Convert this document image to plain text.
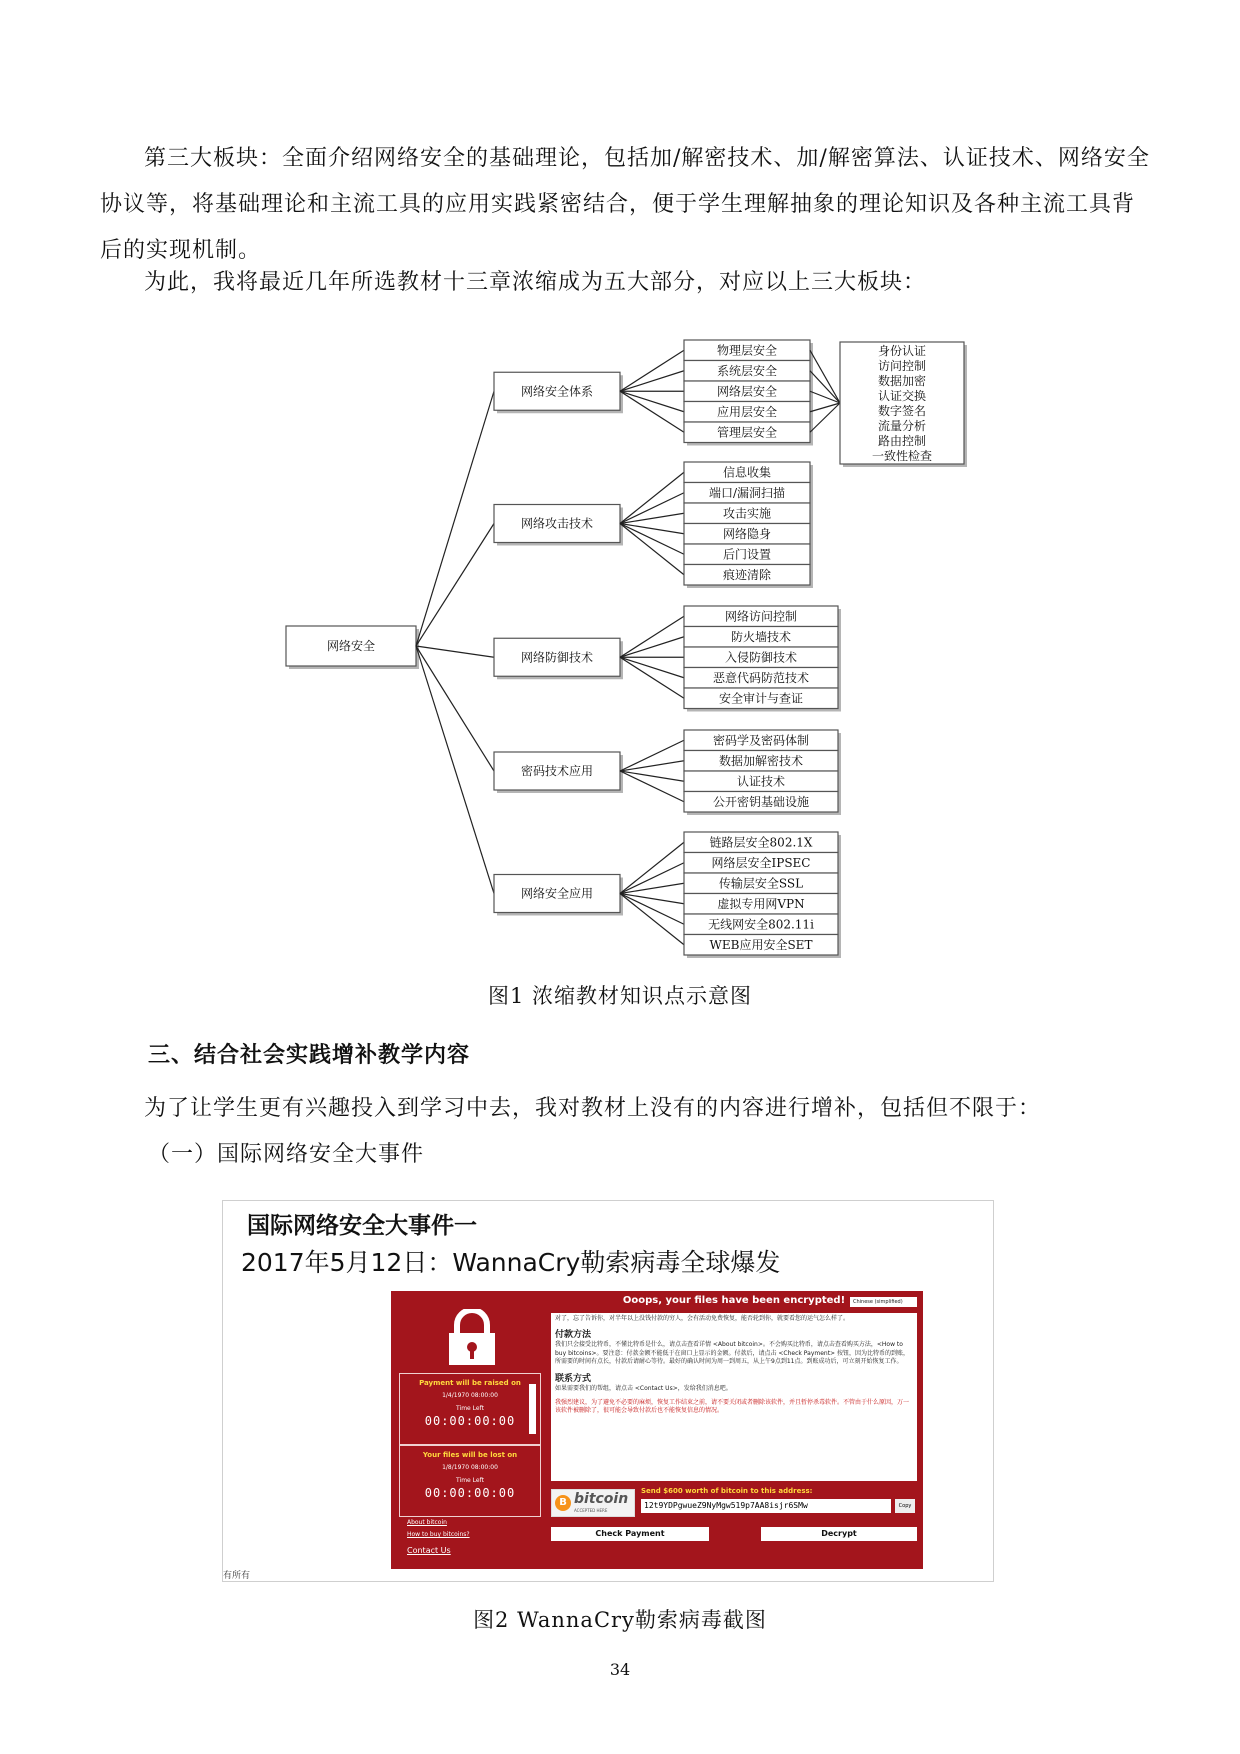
第三大板块：全面介绍网络安全的基础理论，包括加/解密技术、加/解密算法、认证技术、网络安全协议等，将基础理论和主流工具的应用实践紧密结合，便于学生理解抽象的理论知识及各种主流工具背后的实现机制。

为此，我将最近几年所选教材十三章浓缩成为五大部分，对应以上三大板块：

网络安全
网络安全体系
物理层安全
系统层安全
网络层安全
应用层安全
管理层安全
身份认证
访问控制
数据加密
认证交换
数字签名
流量分析
路由控制
一致性检查
网络攻击技术
信息收集
端口/漏洞扫描
攻击实施
网络隐身
后门设置
痕迹清除
网络防御技术
网络访问控制
防火墙技术
入侵防御技术
恶意代码防范技术
安全审计与查证
密码技术应用
密码学及密码体制
数据加解密技术
认证技术
公开密钥基础设施
网络安全应用
链路层安全802.1X
网络层安全IPSEC
传输层安全SSL
虚拟专用网VPN
无线网安全802.11i
WEB应用安全SET
图1 浓缩教材知识点示意图
三、结合社会实践增补教学内容

为了让学生更有兴趣投入到学习中去，我对教材上没有的内容进行增补，包括但不限于：

（一）国际网络安全大事件

国际网络安全大事件一
2017年5月12日：WannaCry勒索病毒全球爆发
Payment will be raised on
1/4/1970 08:00:00
Time Left
00:00:00:00
Your files will be lost on
1/8/1970 08:00:00
Time Left
00:00:00:00
About bitcoin
How to buy bitcoins?
Contact Us
Ooops, your files have been encrypted!	Chinese (simplified)
对了，忘了告诉你，对半年以上没钱付款的穷人，会有活动免费恢复，能否轮到你，就要看您的运气怎么样了。
付款方法
我们只会接受比特币，不懂比特币是什么，请点击查看详情 <About bitcoin>。不会购买比特币，请点击查看购买方法，<How to buy bitcoins>。要注意：付款金额不能低于在窗口上显示的金额。付款后，请点击 <Check Payment> 按钮，因为比特币的到账，所需要的时间有点长，付款后请耐心等待。最好的确认时间为周一到周五，从上午9点到11点。到账成功后，可立刻开始恢复工作。
联系方式
如果需要我们的帮组，请点击 <Contact Us>，发给我们消息吧。
我强烈建议，为了避免不必要的麻烦，恢复工作结束之前，请不要关闭或者删除该软件，并且暂停杀毒软件。不管由于什么原因，万一该软件被删除了，很可能会导致付款后也不能恢复信息的情况。
B bitcoin
ACCEPTED HERE
Send $600 worth of bitcoin to this address:
12t9YDPgwueZ9NyMgw519p7AA8isjr6SMw	Copy
Check Payment	Decrypt
有所有
图2 WannaCry勒索病毒截图
34
